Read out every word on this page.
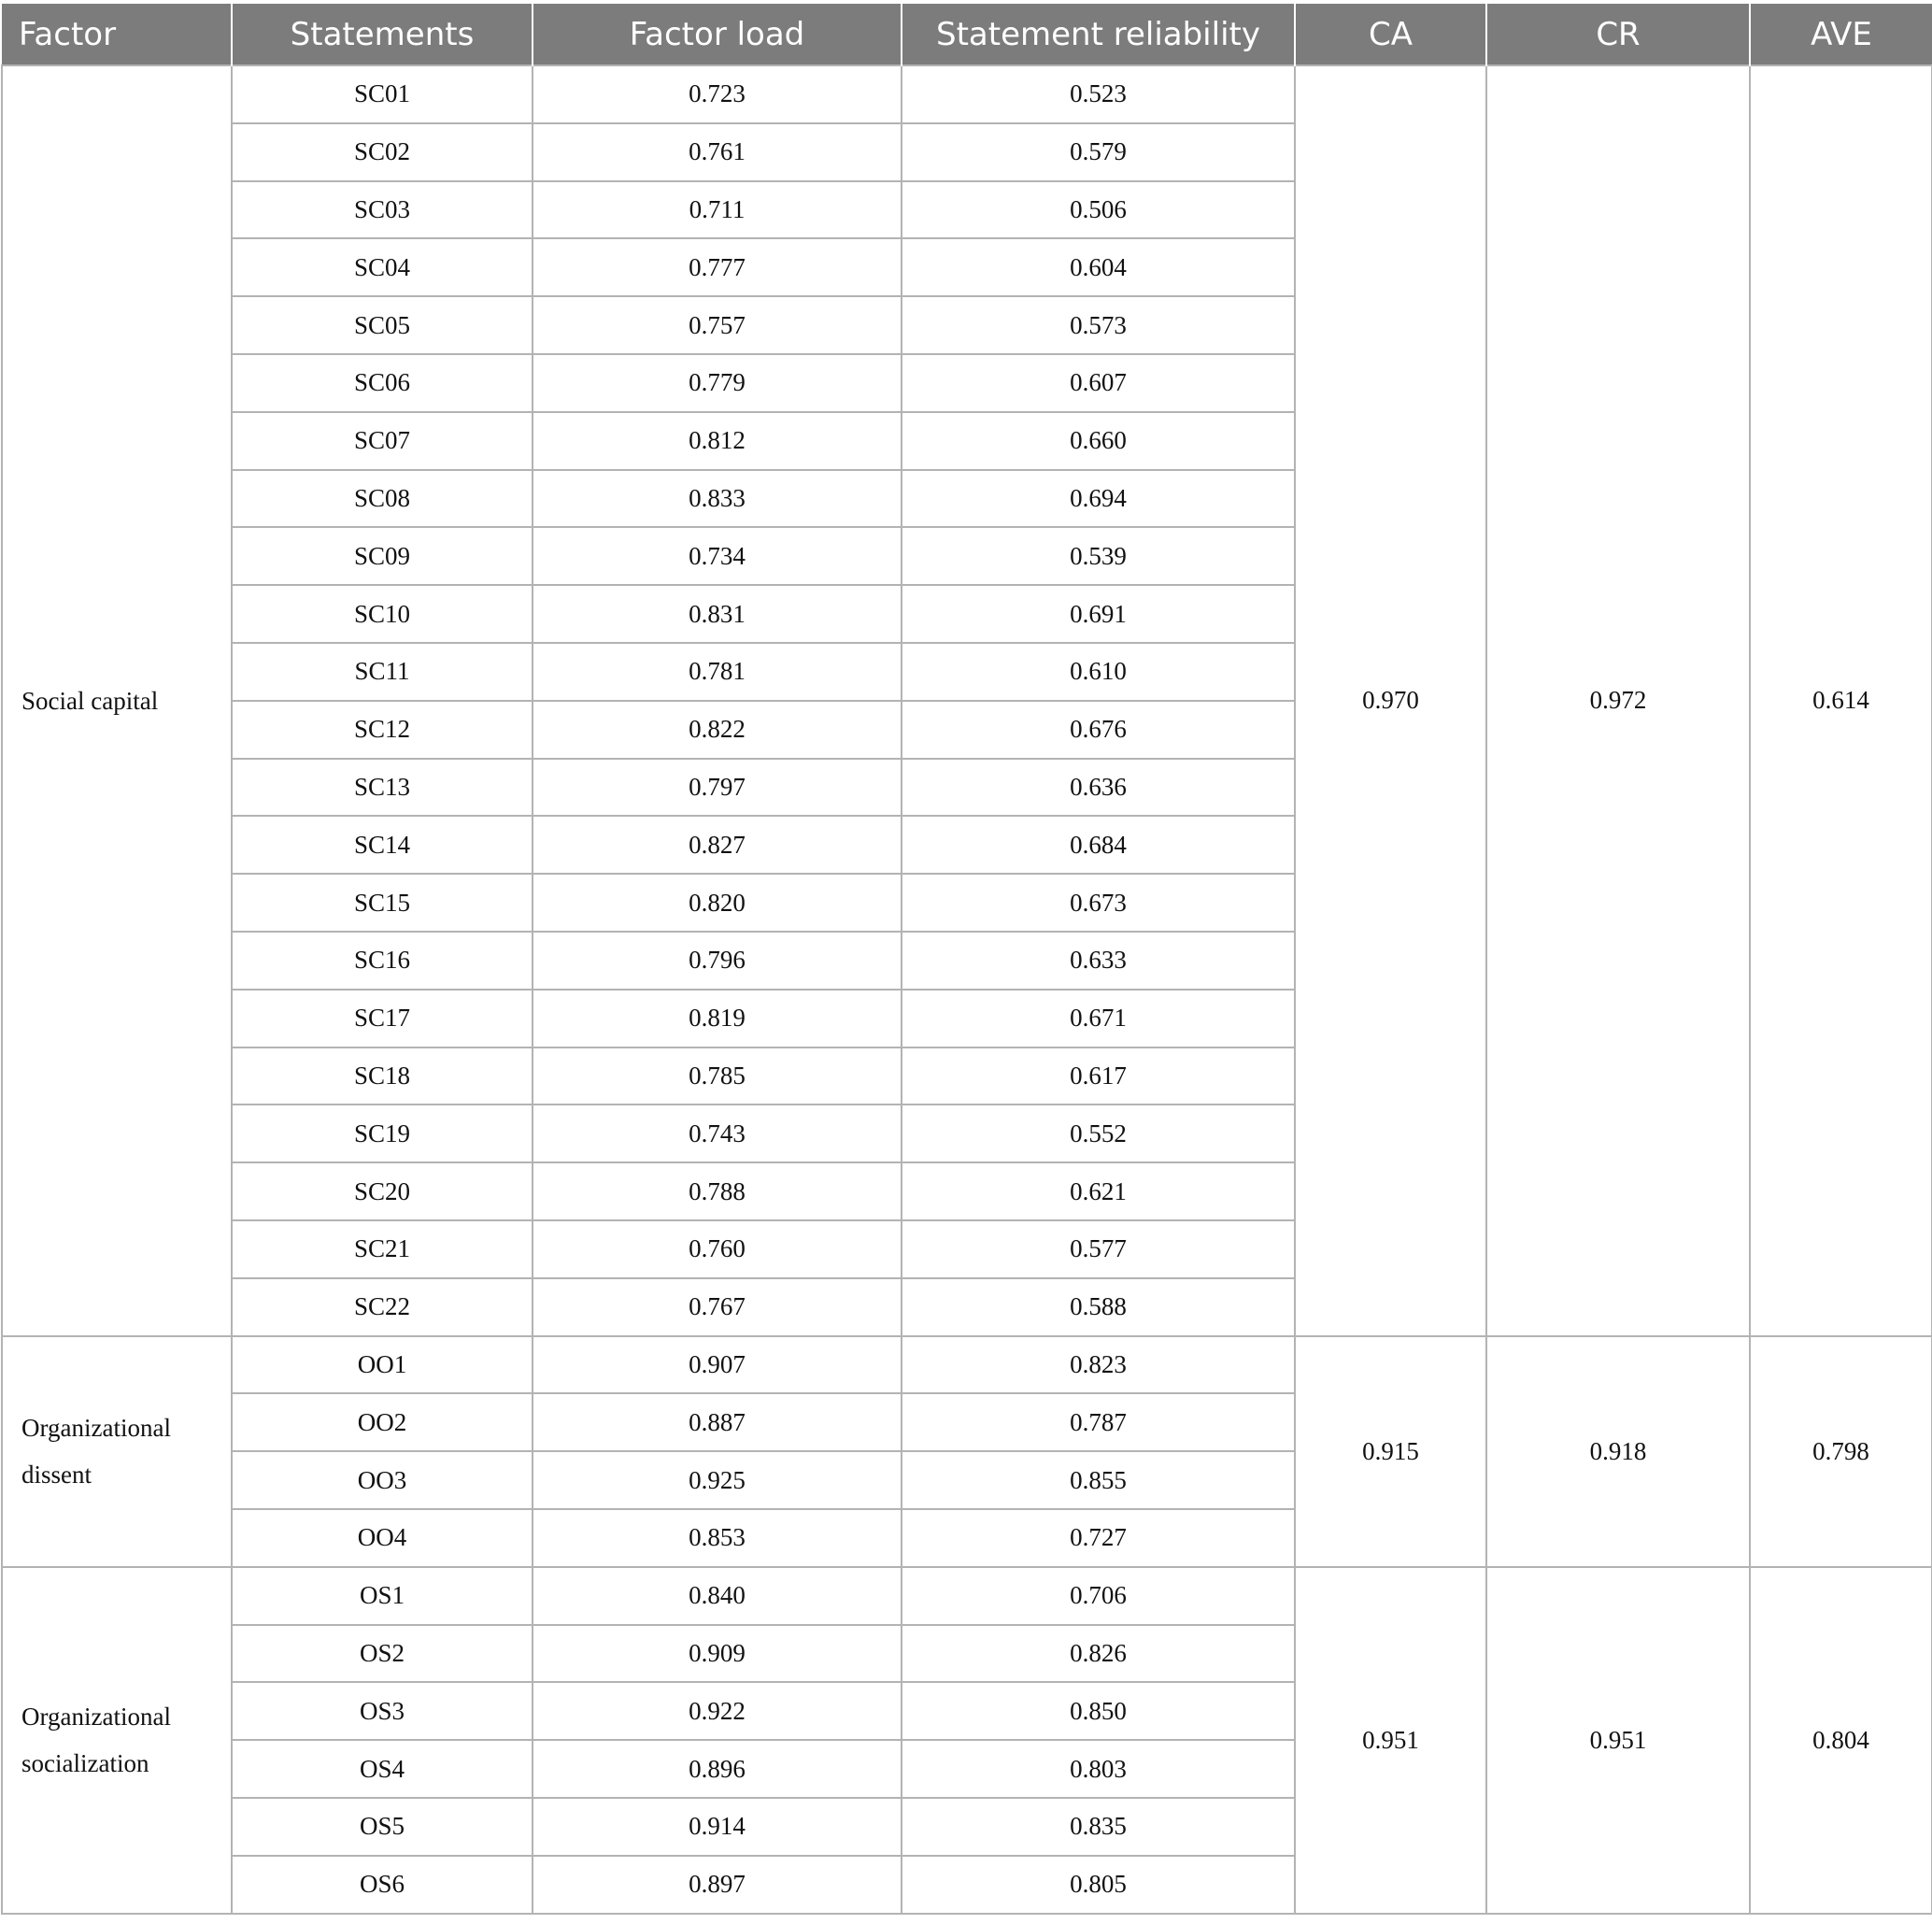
Factor	Statements	Factor load	Statement reliability	CA	CR	AVE
Social capital	SC01	0.723	0.523	0.970	0.972	0.614
	SC02	0.761	0.579			
	SC03	0.711	0.506			
	SC04	0.777	0.604			
	SC05	0.757	0.573			
	SC06	0.779	0.607			
	SC07	0.812	0.660			
	SC08	0.833	0.694			
	SC09	0.734	0.539			
	SC10	0.831	0.691			
	SC11	0.781	0.610			
	SC12	0.822	0.676			
	SC13	0.797	0.636			
	SC14	0.827	0.684			
	SC15	0.820	0.673			
	SC16	0.796	0.633			
	SC17	0.819	0.671			
	SC18	0.785	0.617			
	SC19	0.743	0.552			
	SC20	0.788	0.621			
	SC21	0.760	0.577			
	SC22	0.767	0.588			
Organizational dissent	OO1	0.907	0.823	0.915	0.918	0.798
	OO2	0.887	0.787			
	OO3	0.925	0.855			
	OO4	0.853	0.727			
Organizational socialization	OS1	0.840	0.706	0.951	0.951	0.804
	OS2	0.909	0.826			
	OS3	0.922	0.850			
	OS4	0.896	0.803			
	OS5	0.914	0.835			
	OS6	0.897	0.805			
